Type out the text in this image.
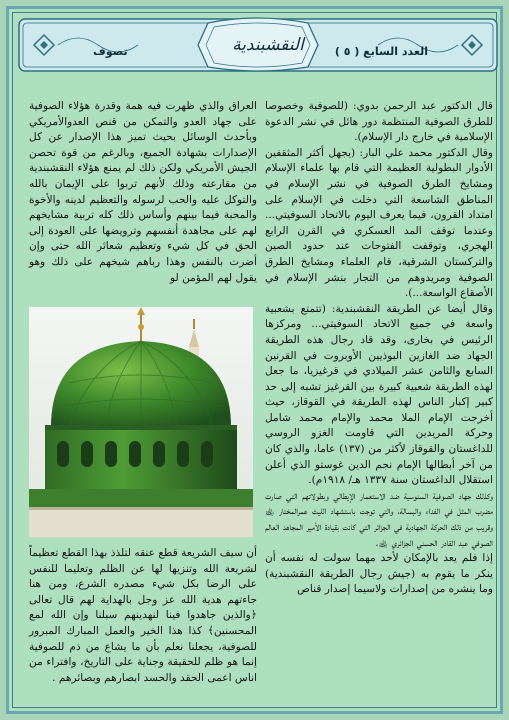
النقشبندية	العدد السابع ( ٥ )
تصوف

قال الدكتور عبد الرحمن بدوي: (للصوفية وخصوصا للطرق الصوفية المنتظمة دور هائل في نشر الدعوة الإسلامية في خارج دار الإسلام).

وقال الدكتور محمد علي البار: (يجهل أكثر المثقفين الأدوار البطولية العظيمة التي قام بها علماء الإسلام ومشايخ الطرق الصوفية في نشر الإسلام في المناطق الشاسعة التي دخلت في الإسلام على امتداد القرون، فيما يعرف اليوم بالاتحاد السوفيتي... وعندما توقف المد العسكري في القرن الرابع الهجري، وتوقفت الفتوحات عند حدود الصين والتركستان الشرقية، قام العلماء ومشايخ الطرق الصوفية ومريدوهم من التجار بنشر الإسلام في الأصقاع الواسعة...).

وقال أيضا عن الطريقة النقشبندية: (تتمتع بشعبية واسعة في جميع الاتحاد السوفيتي... ومركزها الرئيس في بخارى، وقد قاد رجال هذه الطريقة الجهاد ضد الغازين البوذيين الأوبروت في القرنين السابع والثامن عشر الميلادي في قرغيزيا، ما جعل لهذه الطريقة شعبية كبيرة بين القرغيز تشبه إلى حد كبير إكبار الناس لهذه الطريقة في القوقاز، حيث أخرجت الإمام الملا محمد والإمام محمد شامل وحركة المريدين التي قاومت الغزو الروسي للداغستان والقوقاز لأكثر من (١٣٧) عاما، والذي كان من آخر أبطالها الإمام نجم الدين غوستو الذي أعلن استقلال الداغستان سنة ١٣٣٧ هـ/ ١٩١٨م).

وكذلك جهاد الصوفية السنوسية ضد الاستعمار الإيطالي وبطولاتهم التي صارت مضرب المثل في الفداء والبسالة، والتي توجت باستشهاد الليث عمرالمختار ﵀ وقريب من ذلك الحركة الجهادية في الجزائر التي كانت بقيادة الأمير المجاهد العالم الصوفي عبد القادر الحسني الجزائري ﵀.

إذا فلم يعد بالإمكان لأحد مهما سولت له نفسه أن ينكر ما يقوم به (جيش رجال الطريقة النقشبندية) وما ينشره من إصدارات ولاسيما إصدار قناص

العراق والذي ظهرت فيه همة وقدرة هؤلاء الصوفية على جهاد العدو والتمكن من قنص العدوالأمريكي وبأحدث الوسائل بحيث تميز هذا الإصدار عن كل الإصدارات بشهادة الجميع، وبالرغم من قوة تحصن الجيش الأمريكي ولكن ذلك لم يمنع هؤلاء النقشبندية من مقارعته وذلك لأنهم تربوا على الإيمان بالله والتوكل عليه والحب لرسوله والتعظيم لدينه والأخوة والمحبة فيما بينهم وأساس ذلك كله تربية مشايخهم لهم على مجاهدة أنفسهم وترويضها على العودة إلى الحق في كل شيء وتعظيم شعائر الله حتى وإن أضرت بالنفس وهذا رباهم شيخهم على ذلك وهو يقول لهم المؤمن لو

أن سيف الشريعة قطع عنقه لتلذذ بهذا القطع تعظيماً لشريعة الله وتنزيها لها عن الظلم وتعليما للنفس على الرضا بكل شيء مصدره الشرع، ومن هنا جاءتهم هدية الله عز وجل بالهداية لهم قال تعالى ﴿والذين جاهدوا فينا لنهدينهم سبلنا وإن الله لمع المحسنين﴾ كذا هذا الخير والعمل المبارك المبرور للصوفية، يجعلنا نعلم بأن ما يشاع من ذم للصوفية إنما هو ظلم للحقيقة وجناية على التاريخ، وافتراء من اناس اعمى الحقد والحسد ابصارهم وبصائرهم .
